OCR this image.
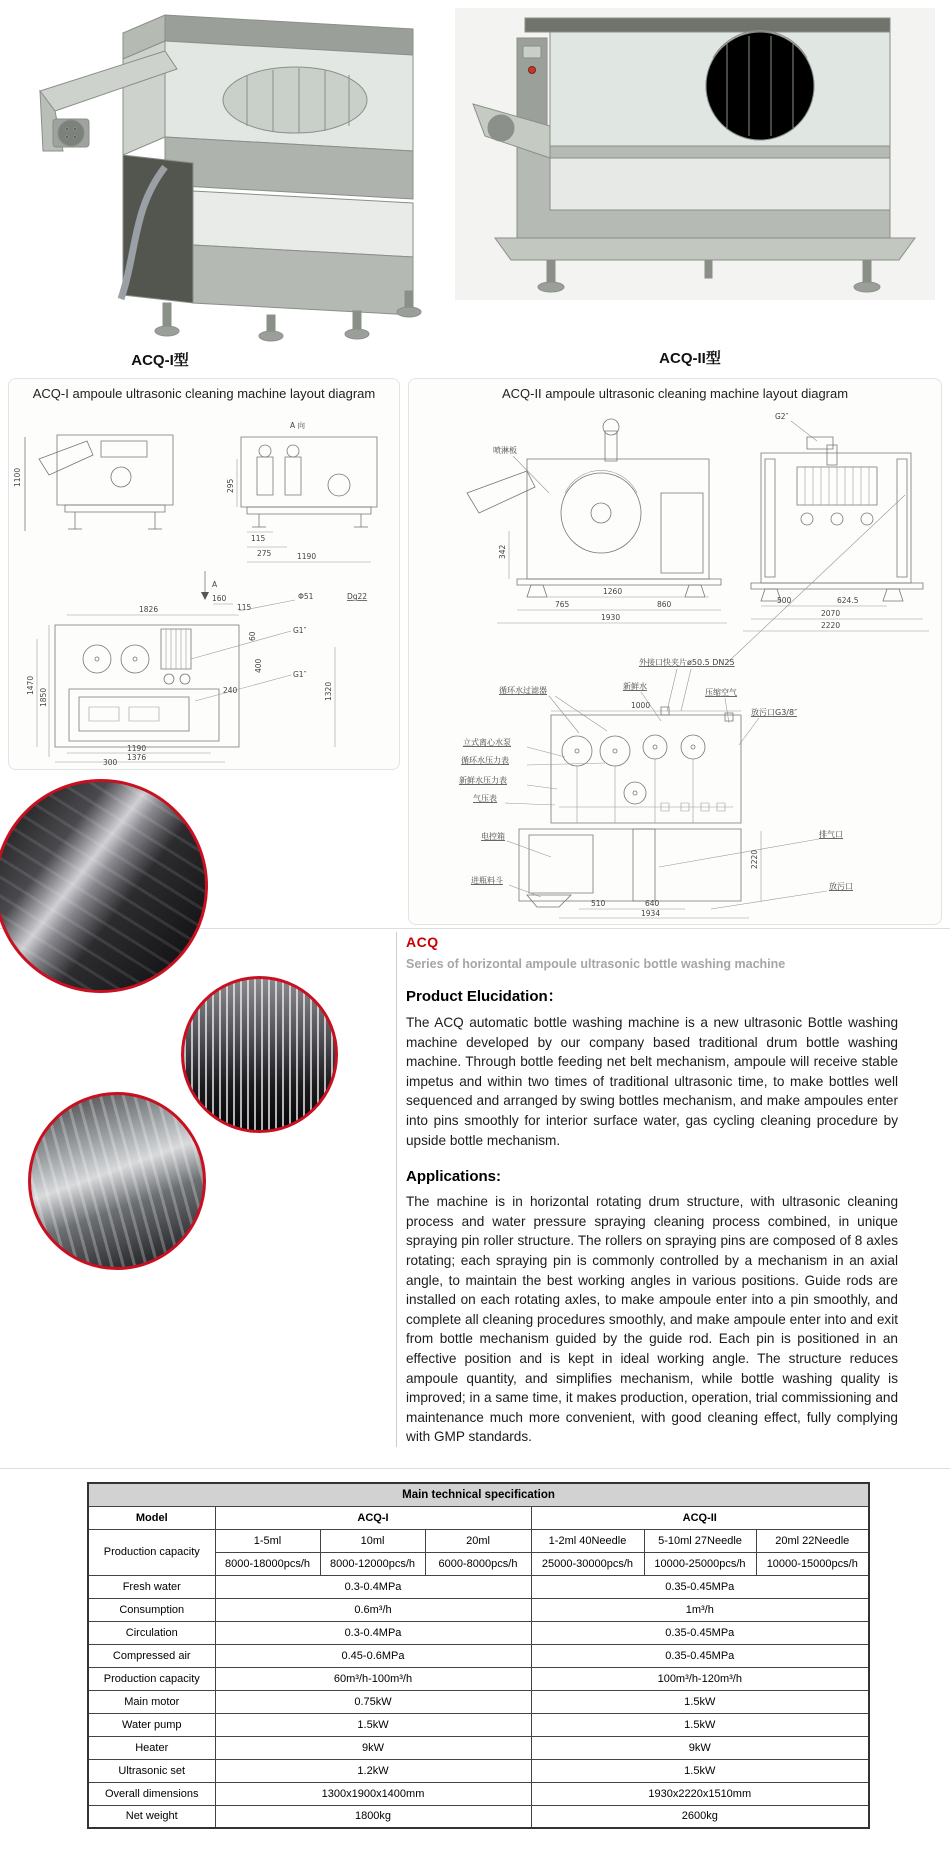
ACQ-I型	ACQ-II型
ACQ-I ampoule ultrasonic cleaning machine layout diagram
1100
A 向
295
115
275	1190
A
160
115
Φ51	Dg22
1826
G1″
60
400
G1″
240	1320
1470
1850
1190
1376
300
ACQ-II ampoule ultrasonic cleaning machine layout diagram
G2″
喷淋板
342
1260
765	860
1930
500	624.5
2070
2220
外接口快夹片ø50.5 DN25
循环水过滤器	新鲜水
压缩空气
放污口G3/8″
1000
立式离心水泵
循环水压力表
新鲜水压力表
气压表
电控箱	排气口
进瓶料斗
放污口
2220
510	640
1934
ACQ
Series of horizontal ampoule ultrasonic bottle washing machine
Product Elucidation：

The ACQ automatic bottle washing machine is a new ultrasonic Bottle washing machine developed by our company based traditional drum bottle washing machine. Through bottle feeding net belt mechanism, ampoule will receive stable impetus and within two times of traditional ultrasonic time, to make bottles well sequenced and arranged by swing bottles mechanism, and make ampoules enter into pins smoothly for interior surface water, gas cycling cleaning procedure by upside bottle mechanism.

Applications:

The machine is in horizontal rotating drum structure, with ultrasonic cleaning process and water pressure spraying cleaning process combined, in unique spraying pin roller structure. The rollers on spraying pins are composed of 8 axles rotating; each spraying pin is commonly controlled by a mechanism in an axial angle, to maintain the best working angles in various positions. Guide rods are installed on each rotating axles, to make ampoule enter into a pin smoothly, and complete all cleaning procedures smoothly, and make ampoule enter into and exit from bottle mechanism guided by the guide rod. Each pin is positioned in an effective position and is kept in ideal working angle. The structure reduces ampoule quantity, and simplifies mechanism, while bottle washing quality is improved; in a same time, it makes production, operation, trial commissioning and maintenance much more convenient, with good cleaning effect, fully complying with GMP standards.

Main technical specification						
Model	ACQ-I			ACQ-II		
Production capacity	1-5ml	10ml	20ml	1-2ml 40Needle	5-10ml 27Needle	20ml 22Needle
	8000-18000pcs/h	8000-12000pcs/h	6000-8000pcs/h	25000-30000pcs/h	10000-25000pcs/h	10000-15000pcs/h
Fresh water	0.3-0.4MPa			0.35-0.45MPa		
Consumption	0.6m³/h			1m³/h		
Circulation	0.3-0.4MPa			0.35-0.45MPa		
Compressed air	0.45-0.6MPa			0.35-0.45MPa		
Production capacity	60m³/h-100m³/h			100m³/h-120m³/h		
Main motor	0.75kW			1.5kW		
Water pump	1.5kW			1.5kW		
Heater	9kW			9kW		
Ultrasonic set	1.2kW			1.5kW		
Overall dimensions	1300x1900x1400mm			1930x2220x1510mm		
Net weight	1800kg			2600kg		
